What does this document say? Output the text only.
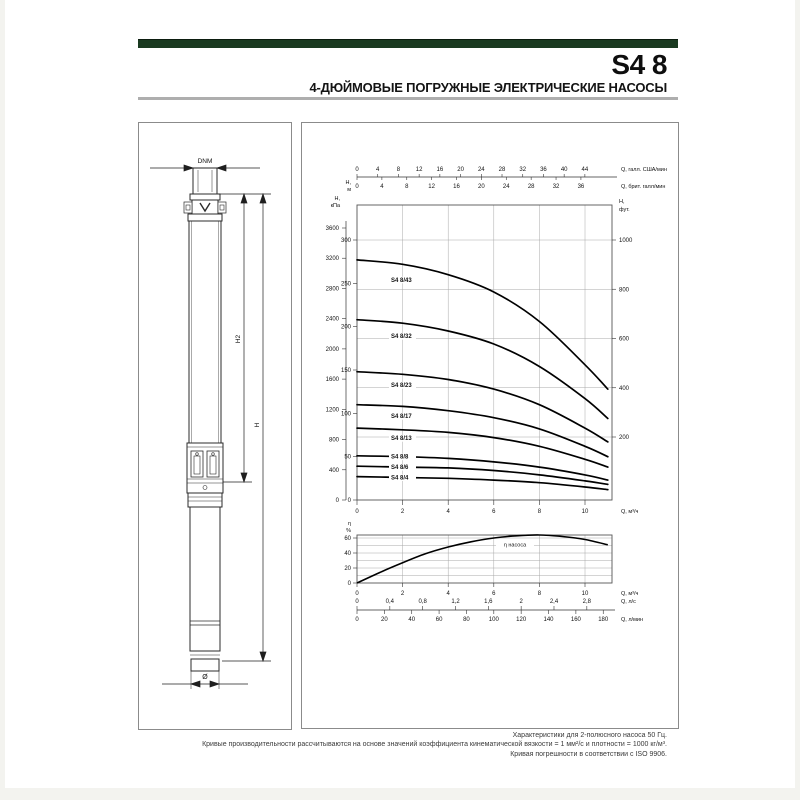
S4 8
4-ДЮЙМОВЫЕ ПОГРУЖНЫЕ ЭЛЕКТРИЧЕСКИЕ НАСОСЫ
DNM
H2
H
Ø
0	4	8	12 16 20 24 28 32 36 40 44	Q, галл. США/мин
0	4	8	12	16	20	24	28	32	36	Q, брит. галл/мин
H,
м
0
50
100
150
200
250
300
H,
кПа
0
400
800
1200
1600
2000
2400
2800
3200
3600
H,
фут.
200
400
600
800
1000
0	2	4	6	8	10	Q, м³/ч
S4 8/43
S4 8/32
S4 8/23
S4 8/17
S4 8/13
S4 8/8
S4 8/6
S4 8/4
0
20
40
60
η
%
η насоса
0	2	4	6	8	10	Q, м³/ч
0	0,4	0,8	1,2	1,6	2	2,4	2,8	Q, л/с
0	20	40	60	80	100	120	140	160	180 Q, л/мин
Характеристики для 2-полюсного насоса 50 Гц.
Кривые производительности рассчитываются на основе значений коэффициента кинематической вязкости = 1 мм²/с и плотности = 1000 кг/м³.
Кривая погрешности в соответствии с ISO 9906.
